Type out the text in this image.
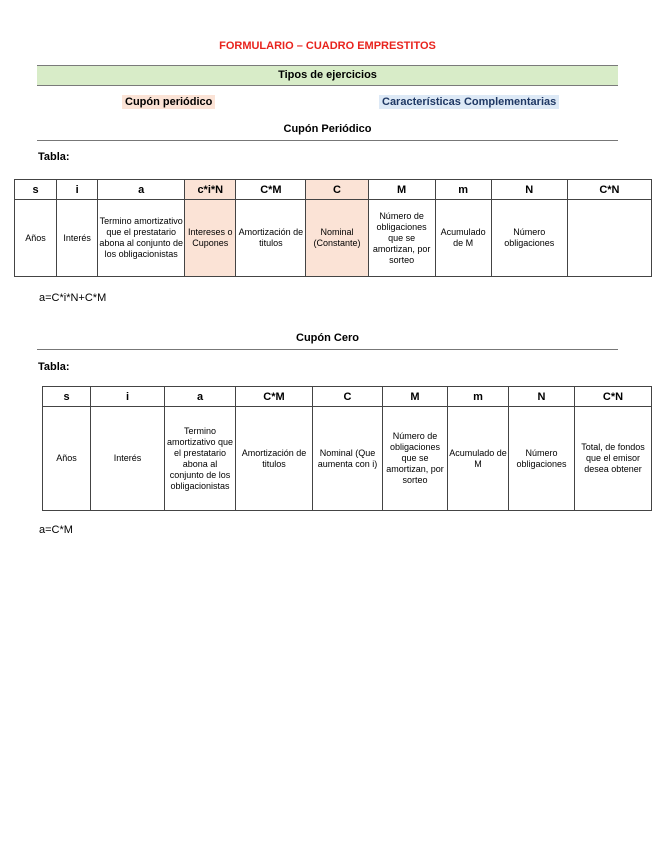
FORMULARIO – CUADRO EMPRESTITOS
Tipos de ejercicios
Cupón periódico	Características Complementarias
Cupón Periódico
Tabla:
s	i	a	c*i*N	C*M	C	M	m	N	C*N
Años	Interés	Termino amortizativo que el prestatario abona al conjunto de los obligacionistas	Intereses o Cupones	Amortización de titulos	Nominal (Constante)	Número de obligaciones que se amortizan, por sorteo	Acumulado de M	Número obligaciones	
a=C*i*N+C*M
Cupón Cero
Tabla:
s	i	a	C*M	C	M	m	N	C*N
Años	Interés	Termino amortizativo que el prestatario abona al conjunto de los obligacionistas	Amortización de titulos	Nominal (Que aumenta con i)	Número de obligaciones que se amortizan, por sorteo	Acumulado de M	Número obligaciones	Total, de fondos que el emisor desea obtener
a=C*M
